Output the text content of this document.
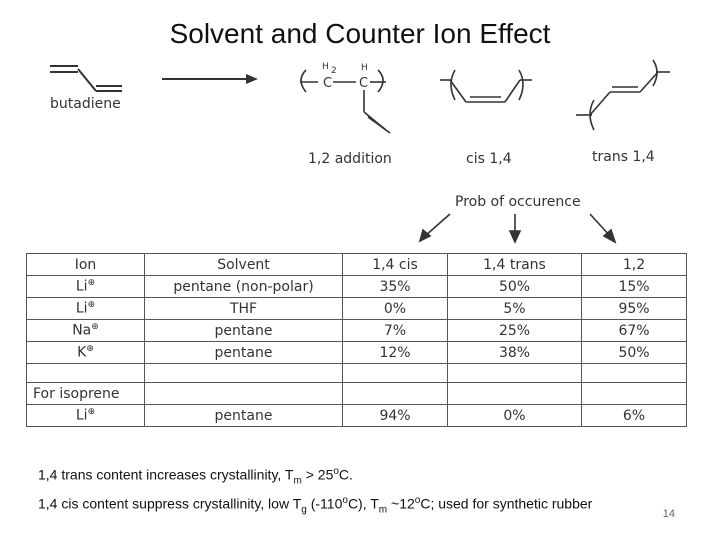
Solvent and Counter Ion Effect
butadiene
H 2
C
H
C
1,2 addition	cis 1,4	trans 1,4
Prob of occurence
Ion	Solvent	1,4 cis	1,4 trans	1,2
Li⊕	pentane (non-polar)	35%	50%	15%
Li⊕	THF	0%	5%	95%
Na⊕	pentane	7%	25%	67%
K⊕	pentane	12%	38%	50%

For isoprene				
Li⊕	pentane	94%	0%	6%
1,4 trans content increases crystallinity, $T_m > 25^oC$.
1,4 cis content suppress crystallinity, low $T_g$ (-110$^o$C), $T_m$ ~12$^o$C; used for synthetic rubber
14
